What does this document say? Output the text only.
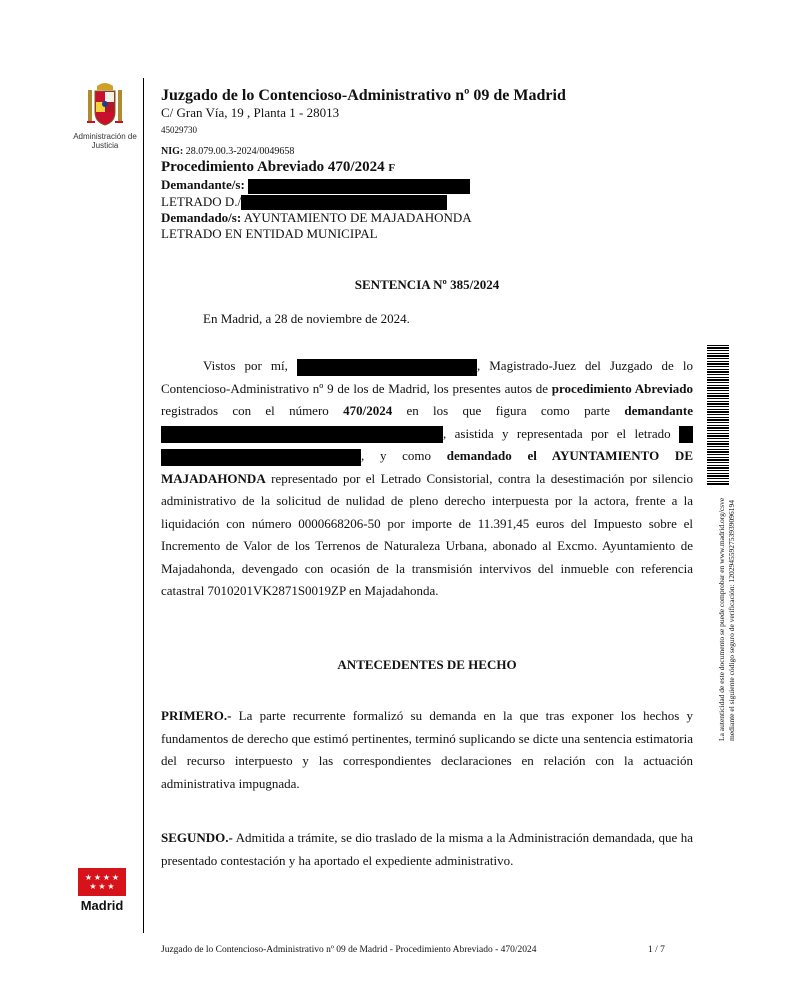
Administración de Justicia
Juzgado de lo Contencioso-Administrativo nº 09 de Madrid
C/ Gran Vía, 19 , Planta 1 - 28013
45029730
NIG: 28.079.00.3-2024/0049658
Procedimiento Abreviado 470/2024 F
Demandante/s:
LETRADO D./
Demandado/s: AYUNTAMIENTO DE MAJADAHONDA
LETRADO EN ENTIDAD MUNICIPAL
SENTENCIA Nº 385/2024

En Madrid, a 28 de noviembre de 2024.

Vistos por mí,	, Magistrado-Juez del Juzgado de lo Contencioso-Administrativo nº 9 de los de Madrid, los presentes autos de procedimiento Abreviado registrados con el número 470/2024 en los que figura como parte demandante , asistida y representada por el letrado  , y como demandado el AYUNTAMIENTO DE MAJADAHONDA representado por el Letrado Consistorial, contra la desestimación por silencio administrativo de la solicitud de nulidad de pleno derecho interpuesta por la actora, frente a la liquidación con número 0000668206-50 por importe de 11.391,45 euros del Impuesto sobre el Incremento de Valor de los Terrenos de Naturaleza Urbana, abonado al Excmo. Ayuntamiento de Majadahonda, devengado con ocasión de la transmisión intervivos del inmueble con referencia catastral 7010201VK2871S0019ZP en Majadahonda.

ANTECEDENTES DE HECHO

PRIMERO.- La parte recurrente formalizó su demanda en la que tras exponer los hechos y fundamentos de derecho que estimó pertinentes, terminó suplicando se dicte una sentencia estimatoria del recurso interpuesto y las correspondientes declaraciones en relación con la actuación administrativa impugnada.

SEGUNDO.- Admitida a trámite, se dio traslado de la misma a la Administración demandada, que ha presentado contestación y ha aportado el expediente administrativo.

La autenticidad de este documento se puede comprobar en www.madrid.org/csve mediante el siguiente código seguro de verificación: 1202945592753939096194
★ ★ ★ ★
★ ★ ★
Madrid
Juzgado de lo Contencioso-Administrativo nº 09 de Madrid - Procedimiento Abreviado - 470/2024	1 / 7
